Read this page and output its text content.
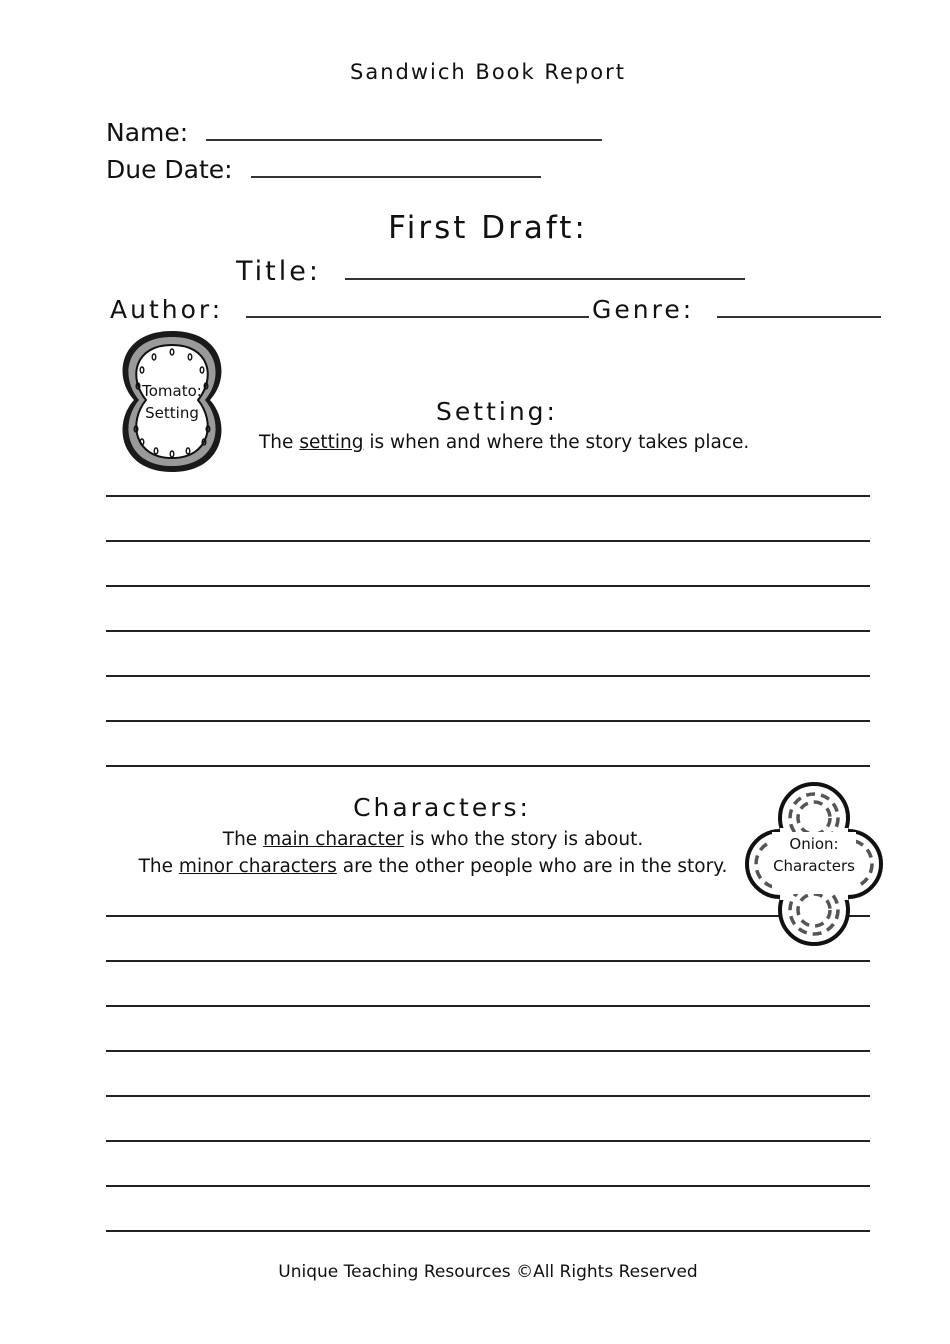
Sandwich Book Report
Name:
Due Date:
First Draft:
Title:
Author:	Genre:
Tomato:
Setting	Setting:
The setting is when and where the story takes place.
Characters:
The main character is who the story is about.
The minor characters are the other people who are in the story.
Onion:
Characters
Unique Teaching Resources ©All Rights Reserved
